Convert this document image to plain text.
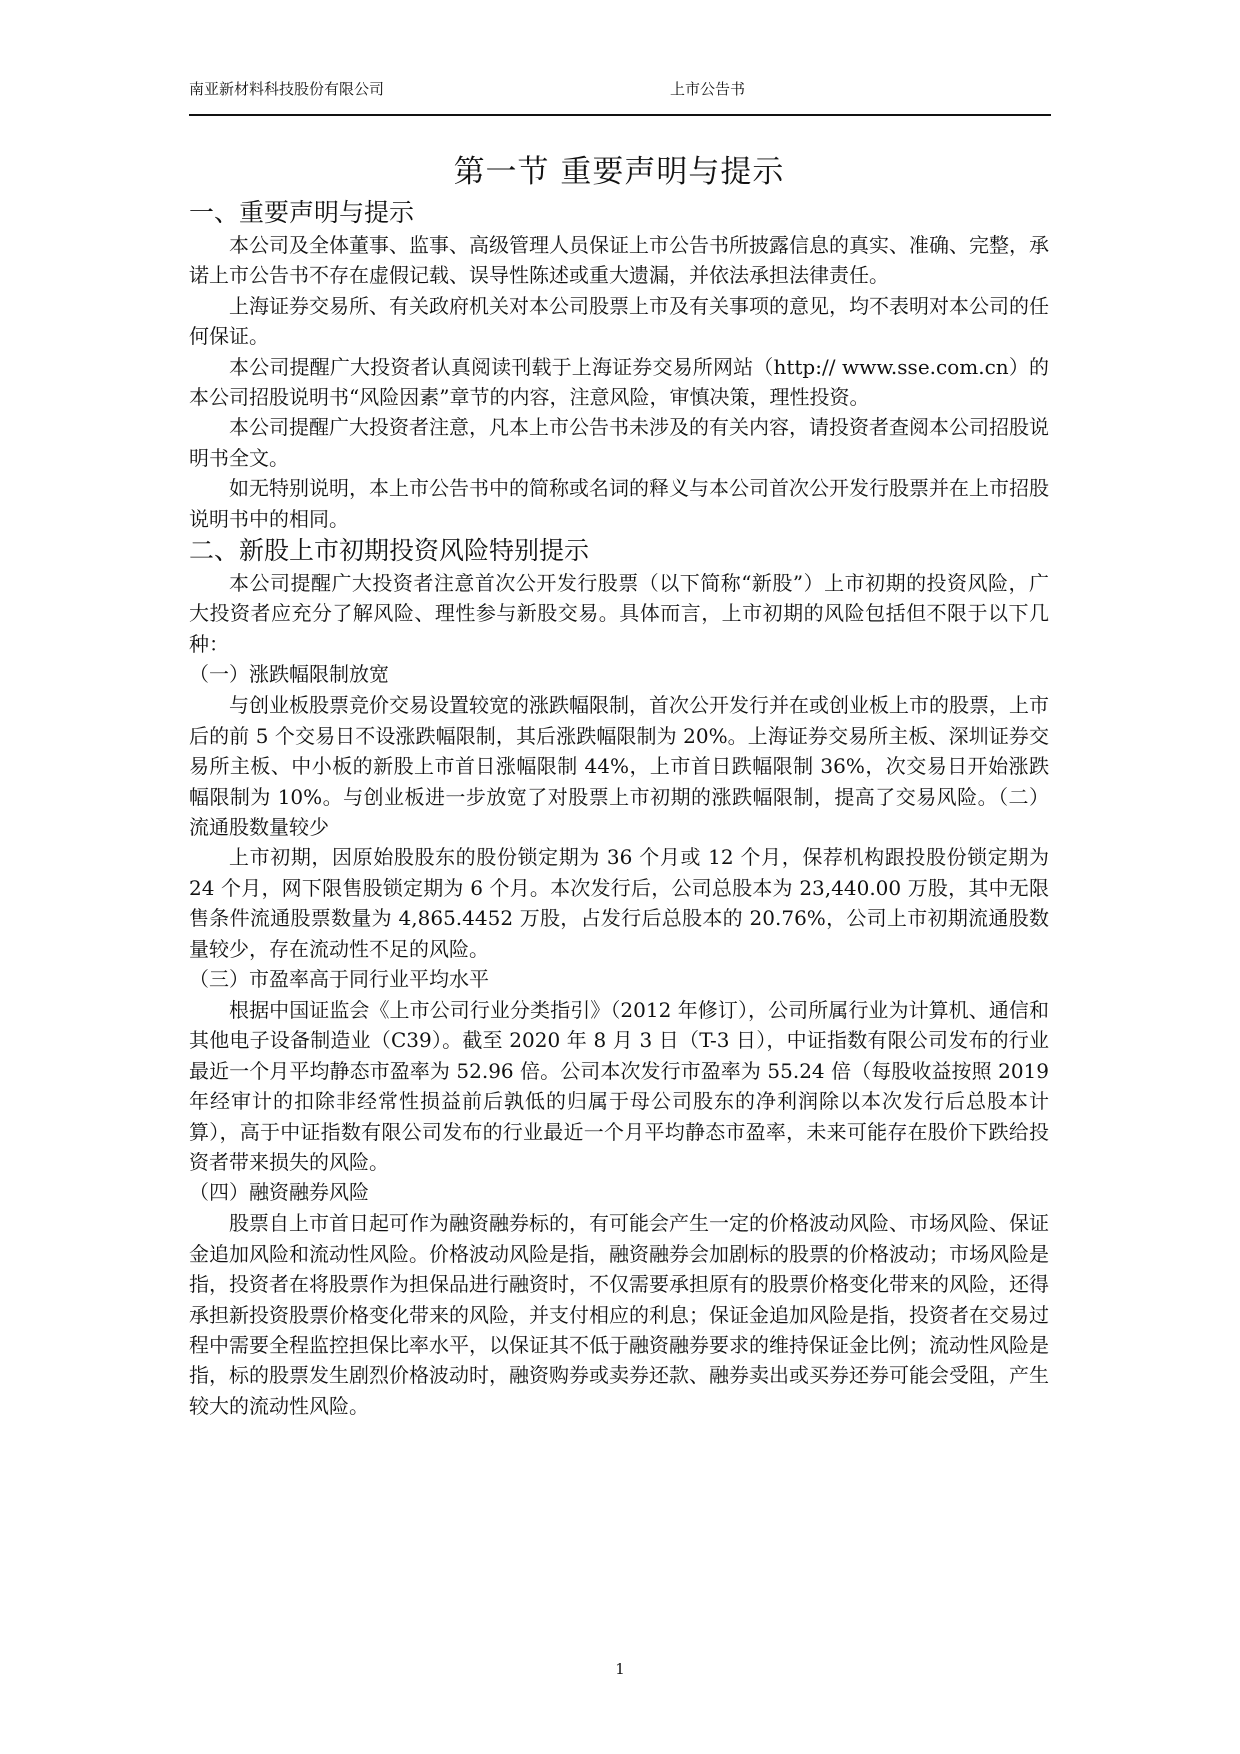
南亚新材料科技股份有限公司	上市公告书
第一节 重要声明与提示
一、重要声明与提示

本公司及全体董事、监事、高级管理人员保证上市公告书所披露信息的真实、准确、完整，承诺上市公告书不存在虚假记载、误导性陈述或重大遗漏，并依法承担法律责任。

上海证券交易所、有关政府机关对本公司股票上市及有关事项的意见，均不表明对本公司的任何保证。

本公司提醒广大投资者认真阅读刊载于上海证券交易所网站（http:// www.sse.com.cn）的本公司招股说明书“风险因素”章节的内容，注意风险，审慎决策，理性投资。

本公司提醒广大投资者注意，凡本上市公告书未涉及的有关内容，请投资者查阅本公司招股说明书全文。

如无特别说明，本上市公告书中的简称或名词的释义与本公司首次公开发行股票并在上市招股说明书中的相同。

二、新股上市初期投资风险特别提示

本公司提醒广大投资者注意首次公开发行股票（以下简称“新股”）上市初期的投资风险，广大投资者应充分了解风险、理性参与新股交易。具体而言，上市初期的风险包括但不限于以下几种：

（一）涨跌幅限制放宽

与创业板股票竞价交易设置较宽的涨跌幅限制，首次公开发行并在或创业板上市的股票，上市后的前 5 个交易日不设涨跌幅限制，其后涨跌幅限制为 20%。上海证券交易所主板、深圳证券交易所主板、中小板的新股上市首日涨幅限制 44%，上市首日跌幅限制 36%，次交易日开始涨跌幅限制为 10%。与创业板进一步放宽了对股票上市初期的涨跌幅限制，提高了交易风险。（二）流通股数量较少

上市初期，因原始股股东的股份锁定期为 36 个月或 12 个月，保荐机构跟投股份锁定期为 24 个月，网下限售股锁定期为 6 个月。本次发行后，公司总股本为 23,440.00 万股，其中无限售条件流通股票数量为 4,865.4452 万股，占发行后总股本的 20.76%，公司上市初期流通股数量较少，存在流动性不足的风险。

（三）市盈率高于同行业平均水平

根据中国证监会《上市公司行业分类指引》（2012 年修订），公司所属行业为计算机、通信和其他电子设备制造业（C39）。截至 2020 年 8 月 3 日（T-3 日），中证指数有限公司发布的行业最近一个月平均静态市盈率为 52.96 倍。公司本次发行市盈率为 55.24 倍（每股收益按照 2019 年经审计的扣除非经常性损益前后孰低的归属于母公司股东的净利润除以本次发行后总股本计算），高于中证指数有限公司发布的行业最近一个月平均静态市盈率，未来可能存在股价下跌给投资者带来损失的风险。

（四）融资融券风险

股票自上市首日起可作为融资融券标的，有可能会产生一定的价格波动风险、市场风险、保证金追加风险和流动性风险。价格波动风险是指，融资融券会加剧标的股票的价格波动；市场风险是指，投资者在将股票作为担保品进行融资时，不仅需要承担原有的股票价格变化带来的风险，还得承担新投资股票价格变化带来的风险，并支付相应的利息；保证金追加风险是指，投资者在交易过程中需要全程监控担保比率水平，以保证其不低于融资融券要求的维持保证金比例；流动性风险是指，标的股票发生剧烈价格波动时，融资购券或卖券还款、融券卖出或买券还券可能会受阻，产生较大的流动性风险。

1
